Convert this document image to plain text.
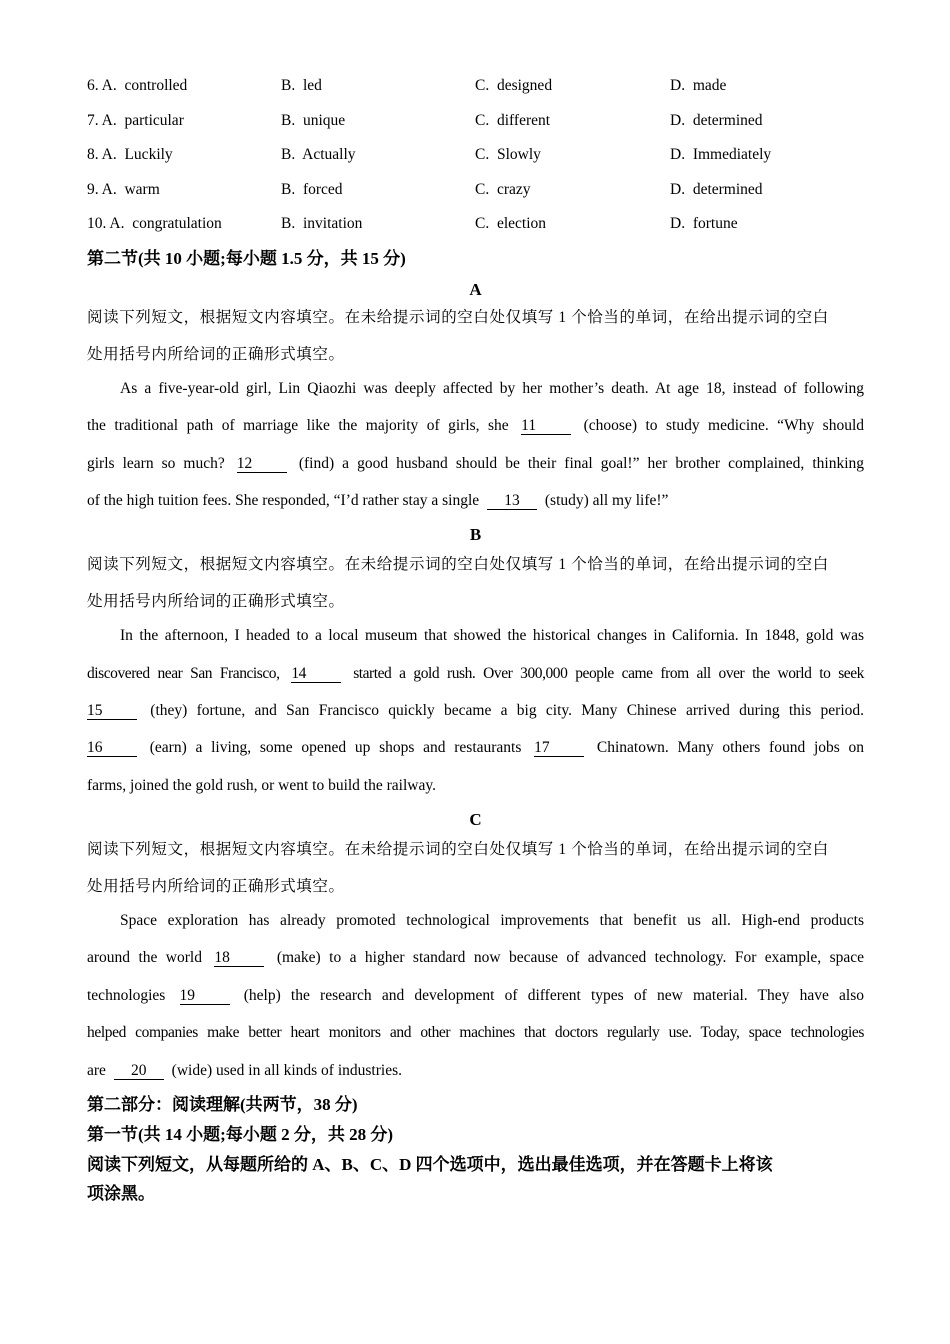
6. A. controlled	B. led	C. designed	D. made
7. A. particular	B. unique	C. different	D. determined
8. A. Luckily	B. Actually	C. Slowly	D. Immediately
9. A. warm	B. forced	C. crazy	D. determined
10. A. congratulation	B. invitation	C. election	D. fortune
第二节(共 10 小题;每小题 1.5 分，共 15 分)
A
阅读下列短文，根据短文内容填空。在未给提示词的空白处仅填写 1 个恰当的单词，在给出提示词的空白
处用括号内所给词的正确形式填空。
As a five-year-old girl, Lin Qiaozhi was deeply affected by her mother’s death. At age 18, instead of following
the traditional path of marriage like the majority of girls, she 11	(choose) to study medicine. “Why should
girls learn so much? 12	(find) a good husband should be their final goal!” her brother complained, thinking
of the high tuition fees. She responded, “I’d rather stay a single 13 (study) all my life!”
B
阅读下列短文，根据短文内容填空。在未给提示词的空白处仅填写 1 个恰当的单词，在给出提示词的空白
处用括号内所给词的正确形式填空。
In the afternoon, I headed to a local museum that showed the historical changes in California. In 1848, gold was
discovered near San Francisco, 14	started a gold rush. Over 300,000 people came from all over the world to seek
15	(they) fortune, and San Francisco quickly became a big city. Many Chinese arrived during this period.
16	(earn) a living, some opened up shops and restaurants 17	Chinatown. Many others found jobs on
farms, joined the gold rush, or went to build the railway.
C
阅读下列短文，根据短文内容填空。在未给提示词的空白处仅填写 1 个恰当的单词，在给出提示词的空白
处用括号内所给词的正确形式填空。
Space exploration has already promoted technological improvements that benefit us all. High-end products
around the world 18	(make) to a higher standard now because of advanced technology. For example, space
technologies 19	(help) the research and development of different types of new material. They have also
helped companies make better heart monitors and other machines that doctors regularly use. Today, space technologies
are 20 (wide) used in all kinds of industries.
第二部分：阅读理解(共两节，38 分)
第一节(共 14 小题;每小题 2 分，共 28 分)
阅读下列短文，从每题所给的 A、B、C、D 四个选项中，选出最佳选项，并在答题卡上将该
项涂黑。
